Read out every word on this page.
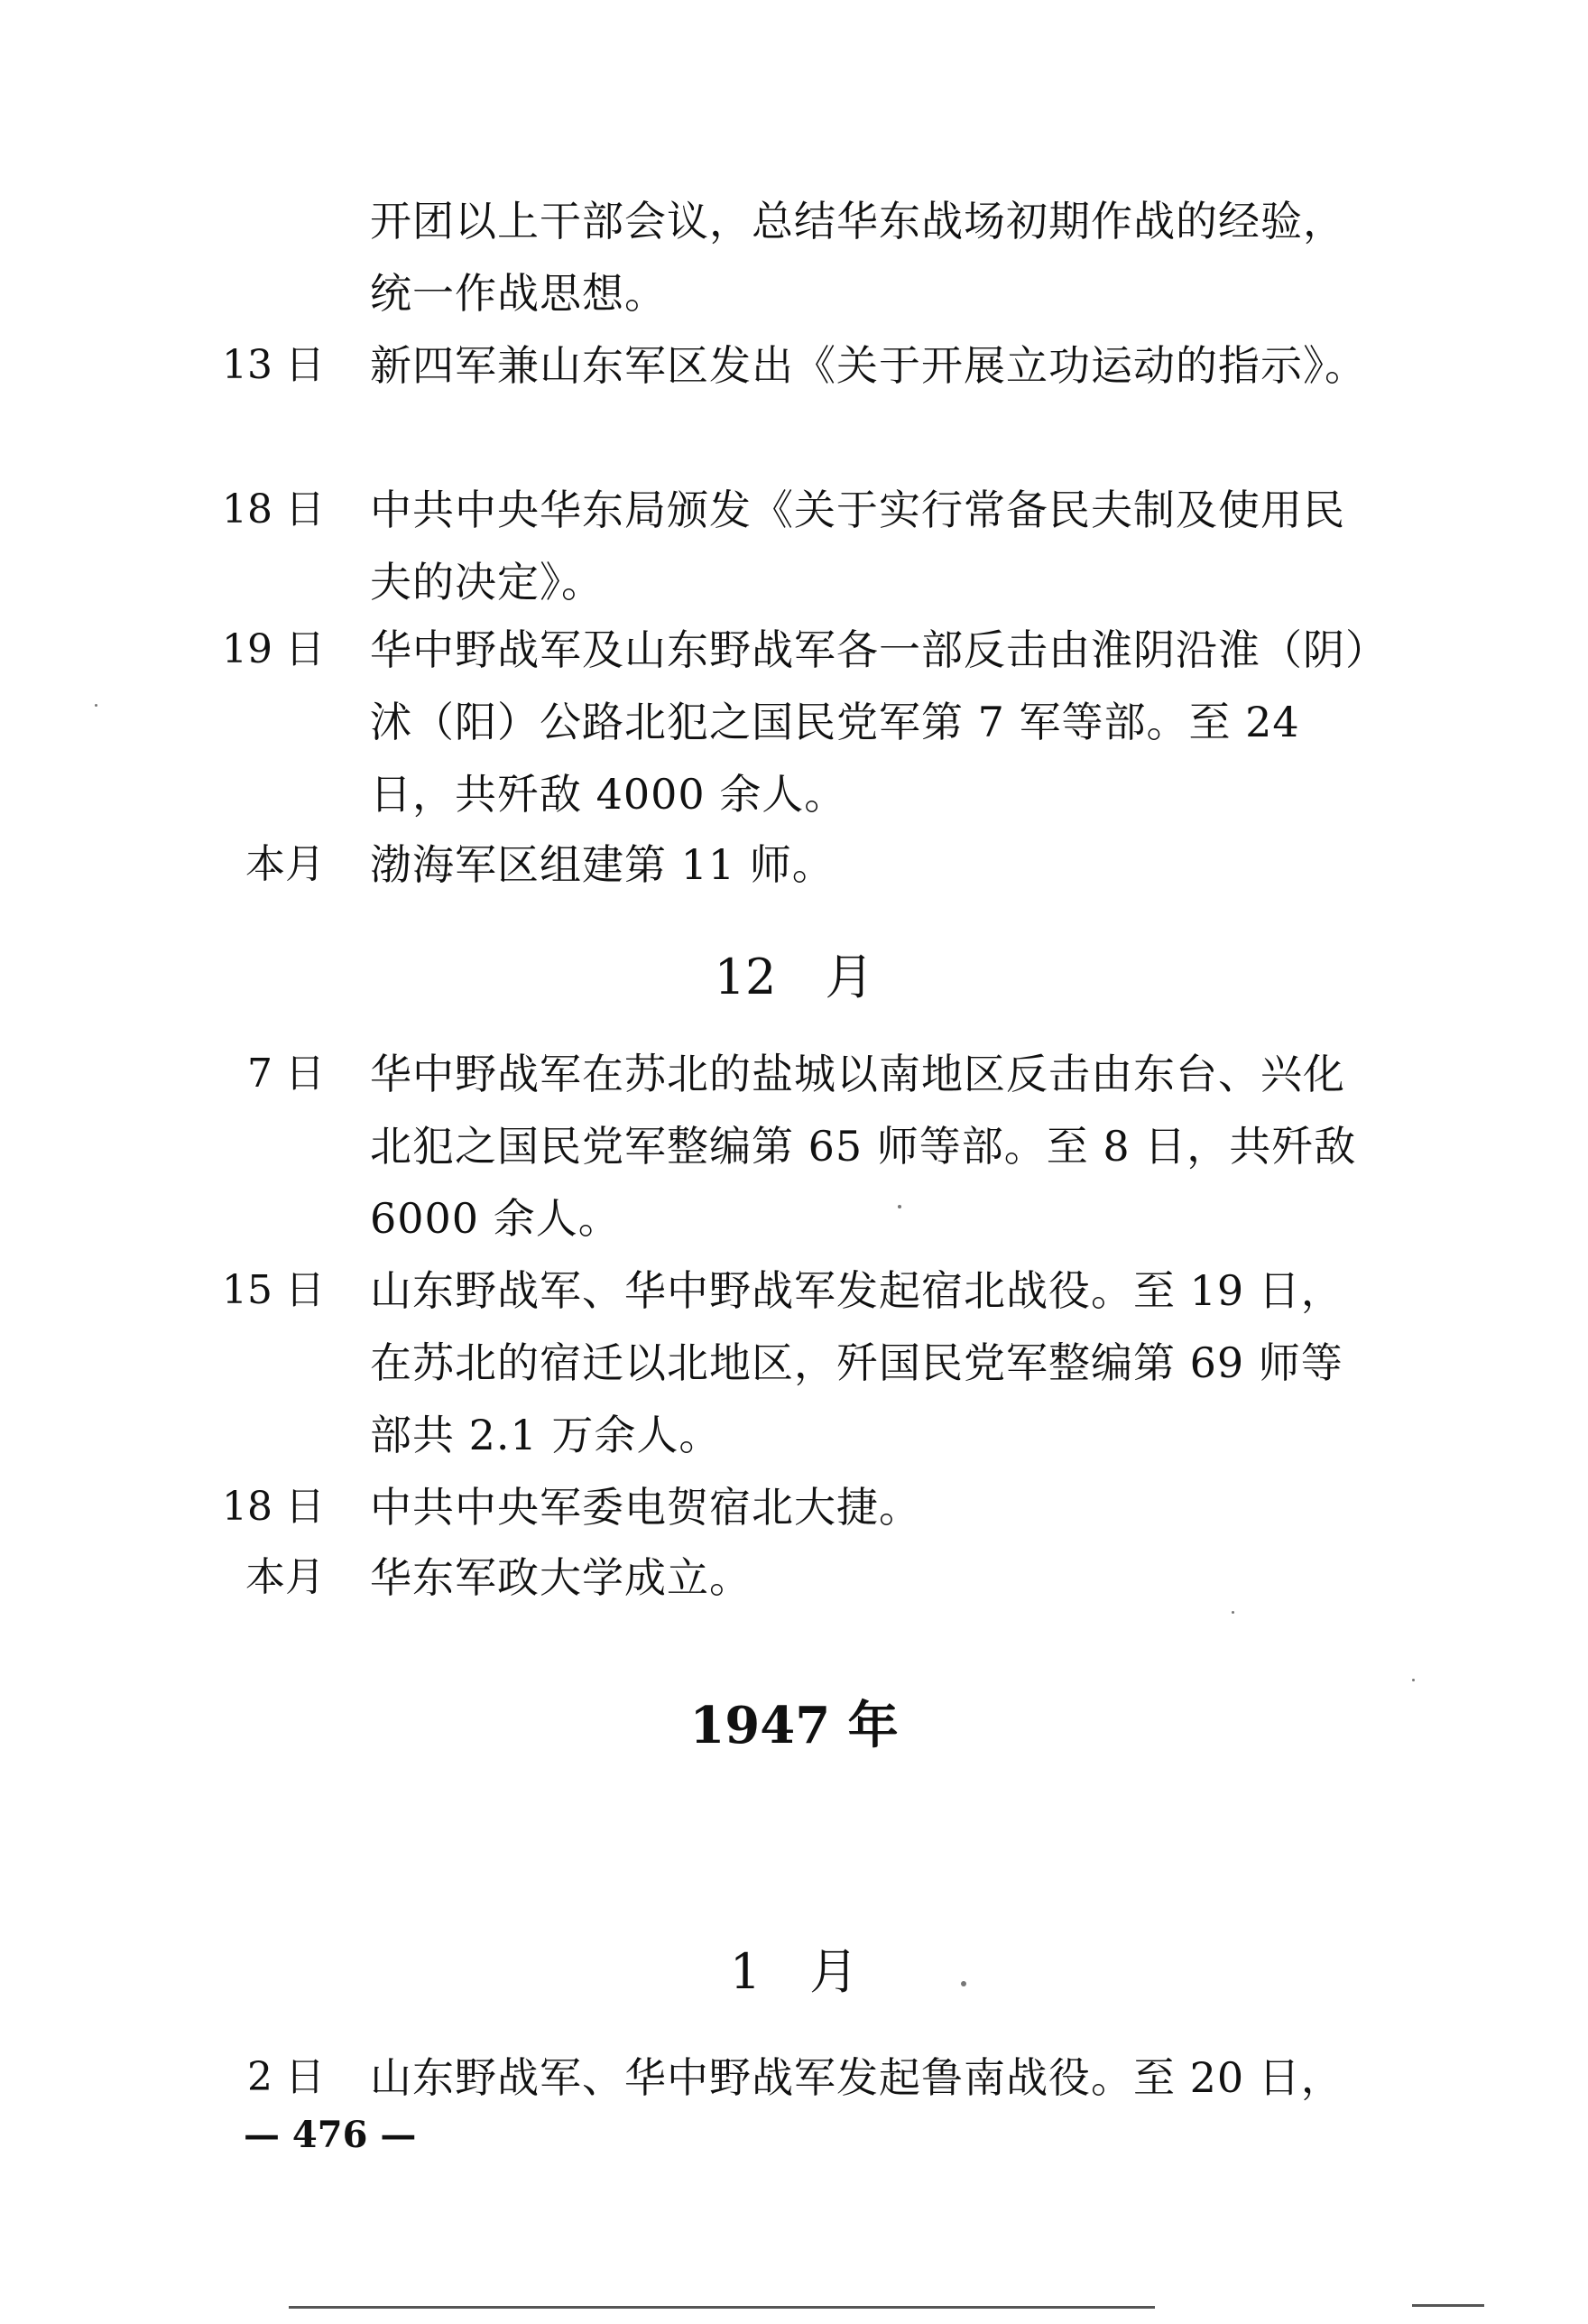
开团以上干部会议，总结华东战场初期作战的经验，统一作战思想。
13 日 新四军兼山东军区发出《关于开展立功运动的指示》。
18 日 中共中央华东局颁发《关于实行常备民夫制及使用民夫的决定》。
19 日 华中野战军及山东野战军各一部反击由淮阴沿淮（阴）沭（阳）公路北犯之国民党军第 7 军等部。至 24 日，共歼敌 4000 余人。
本月 渤海军区组建第 11 师。
12　月
7 日 华中野战军在苏北的盐城以南地区反击由东台、兴化北犯之国民党军整编第 65 师等部。至 8 日，共歼敌 6000 余人。
15 日 山东野战军、华中野战军发起宿北战役。至 19 日，在苏北的宿迁以北地区，歼国民党军整编第 69 师等部共 2.1 万余人。
18 日 中共中央军委电贺宿北大捷。
本月 华东军政大学成立。
1947 年
1　月
2 日 山东野战军、华中野战军发起鲁南战役。至 20 日，
— 476 —
